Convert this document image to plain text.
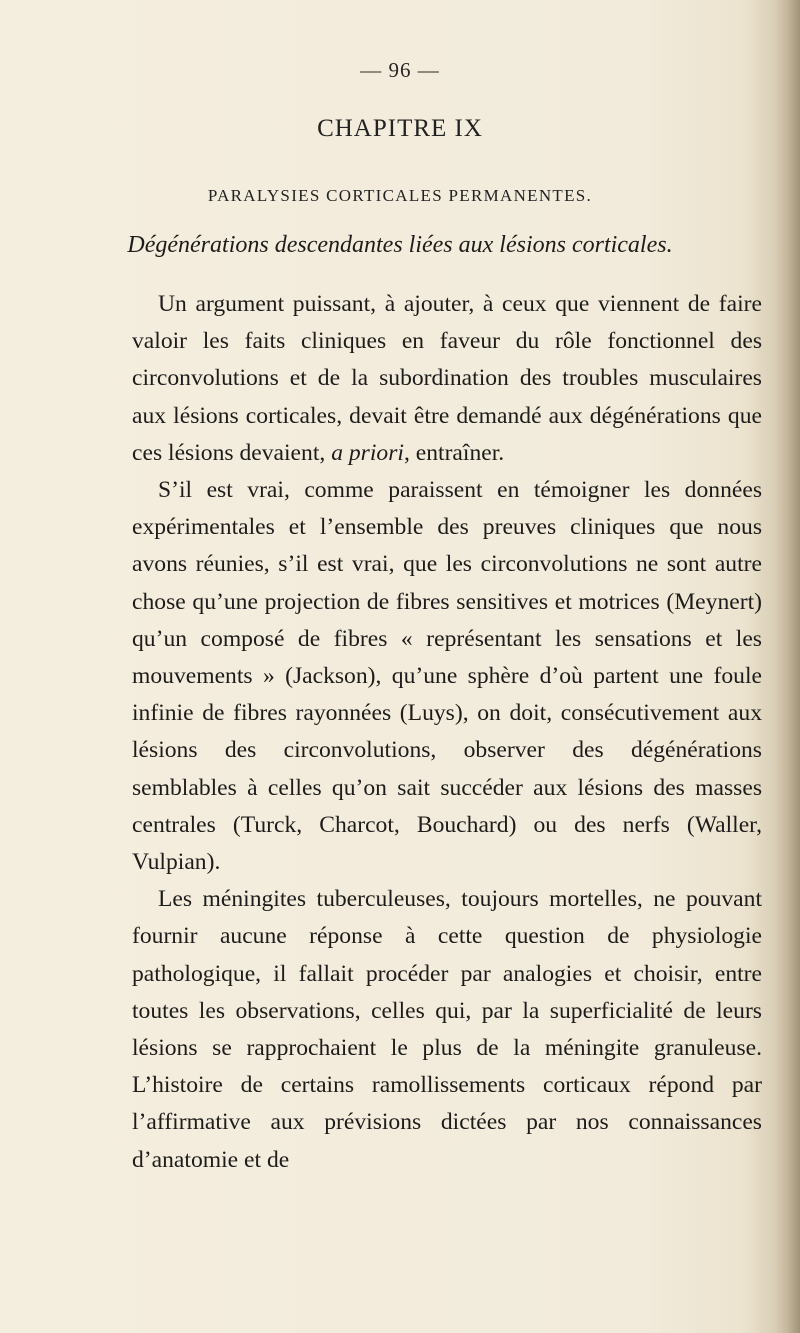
— 96 —
CHAPITRE IX
PARALYSIES CORTICALES PERMANENTES.
Dégénérations descendantes liées aux lésions corticales.

Un argument puissant, à ajouter, à ceux que viennent de faire valoir les faits cliniques en faveur du rôle fonctionnel des circonvolutions et de la subordination des troubles musculaires aux lésions corticales, devait être demandé aux dégénérations que ces lésions devaient, a priori, entraîner.

S’il est vrai, comme paraissent en témoigner les données expérimentales et l’ensemble des preuves cliniques que nous avons réunies, s’il est vrai, que les circonvolutions ne sont autre chose qu’une projection de fibres sensitives et motrices (Meynert) qu’un composé de fibres « représentant les sensations et les mouvements » (Jackson), qu’une sphère d’où partent une foule infinie de fibres rayonnées (Luys), on doit, consécutivement aux lésions des circonvolutions, observer des dégénérations semblables à celles qu’on sait succéder aux lésions des masses centrales (Turck, Charcot, Bouchard) ou des nerfs (Waller, Vulpian).

Les méningites tuberculeuses, toujours mortelles, ne pouvant fournir aucune réponse à cette question de physiologie pathologique, il fallait procéder par analogies et choisir, entre toutes les observations, celles qui, par la superficialité de leurs lésions se rapprochaient le plus de la méningite granuleuse. L’histoire de certains ramollissements corticaux répond par l’affirmative aux prévisions dictées par nos connaissances d’anatomie et de
